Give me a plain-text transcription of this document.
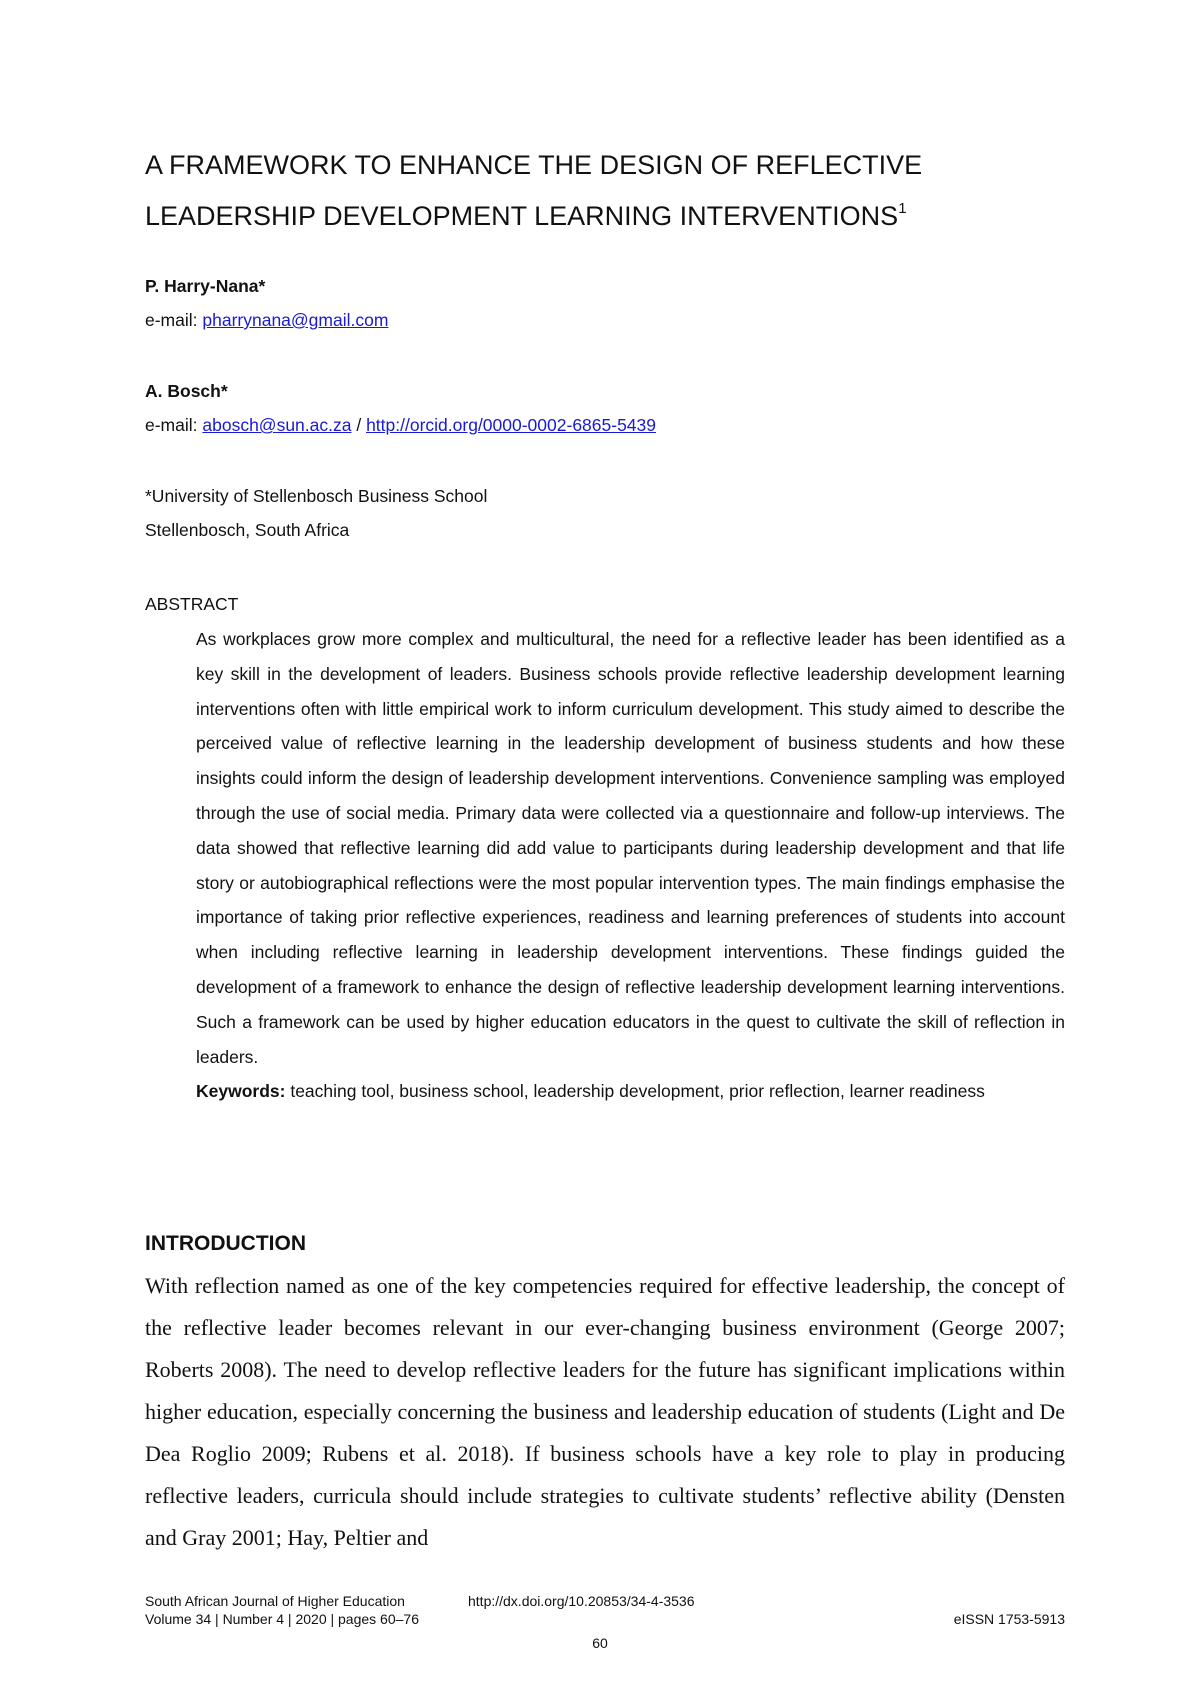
A FRAMEWORK TO ENHANCE THE DESIGN OF REFLECTIVE
LEADERSHIP DEVELOPMENT LEARNING INTERVENTIONS$^1$
P. Harry-Nana*
e-mail: pharrynana@gmail.com
A. Bosch*
e-mail: abosch@sun.ac.za / http://orcid.org/0000-0002-6865-5439
*University of Stellenbosch Business School
Stellenbosch, South Africa
ABSTRACT

As workplaces grow more complex and multicultural, the need for a reflective leader has been identified as a key skill in the development of leaders. Business schools provide reflective leadership development learning interventions often with little empirical work to inform curriculum development. This study aimed to describe the perceived value of reflective learning in the leadership development of business students and how these insights could inform the design of leadership development interventions. Convenience sampling was employed through the use of social media. Primary data were collected via a questionnaire and follow-up interviews. The data showed that reflective learning did add value to participants during leadership development and that life story or autobiographical reflections were the most popular intervention types. The main findings emphasise the importance of taking prior reflective experiences, readiness and learning preferences of students into account when including reflective learning in leadership development interventions. These findings guided the development of a framework to enhance the design of reflective leadership development learning interventions. Such a framework can be used by higher education educators in the quest to cultivate the skill of reflection in leaders.

Keywords: teaching tool, business school, leadership development, prior reflection, learner readiness

INTRODUCTION

With reflection named as one of the key competencies required for effective leadership, the concept of the reflective leader becomes relevant in our ever-changing business environment (George 2007; Roberts 2008). The need to develop reflective leaders for the future has significant implications within higher education, especially concerning the business and leadership education of students (Light and De Dea Roglio 2009; Rubens et al. 2018). If business schools have a key role to play in producing reflective leaders, curricula should include strategies to cultivate students’ reflective ability (Densten and Gray 2001; Hay, Peltier and

South African Journal of Higher Education	http://dx.doi.org/10.20853/34-4-3536
Volume 34 | Number 4 | 2020 | pages 60–76	eISSN 1753-5913
60
